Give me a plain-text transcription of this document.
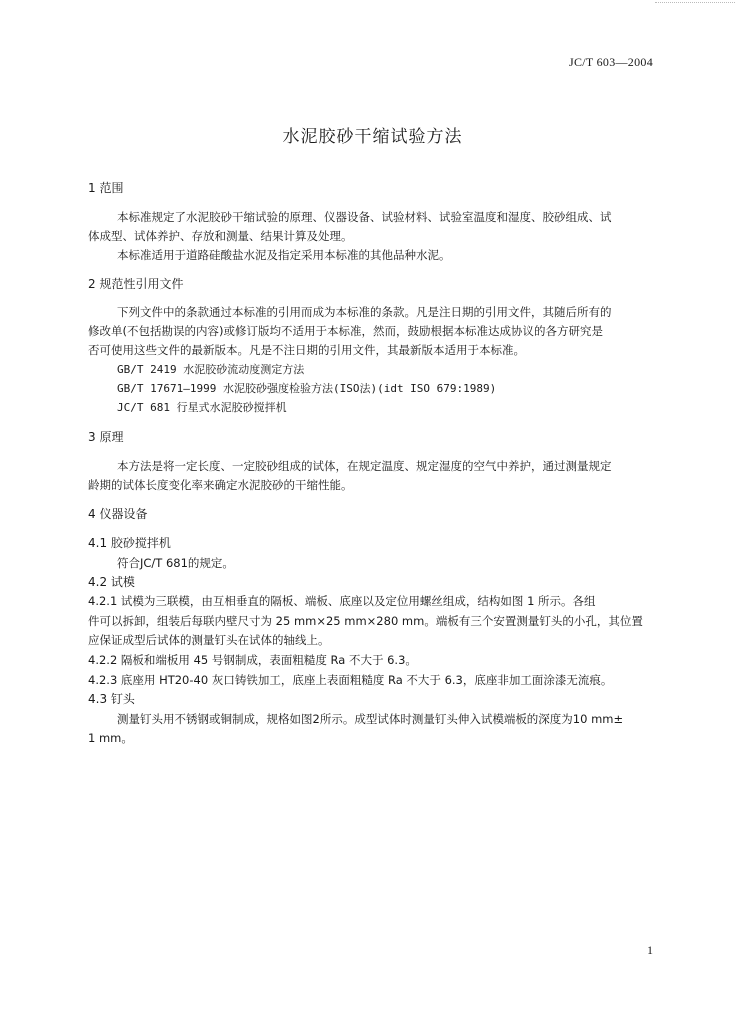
JC/T 603—2004
水泥胶砂干缩试验方法
1 范围
本标准规定了水泥胶砂干缩试验的原理、仪器设备、试验材料、试验室温度和湿度、胶砂组成、试
体成型、试体养护、存放和测量、结果计算及处理。
本标准适用于道路硅酸盐水泥及指定采用本标准的其他品种水泥。
2 规范性引用文件
下列文件中的条款通过本标准的引用而成为本标准的条款。凡是注日期的引用文件，其随后所有的
修改单(不包括勘误的内容)或修订版均不适用于本标准，然而，鼓励根据本标准达成协议的各方研究是
否可使用这些文件的最新版本。凡是不注日期的引用文件，其最新版本适用于本标准。
GB/T 2419 水泥胶砂流动度测定方法
GB/T 17671—1999 水泥胶砂强度检验方法(ISO法)(idt ISO 679:1989)
JC/T 681 行星式水泥胶砂搅拌机
3 原理
本方法是将一定长度、一定胶砂组成的试体，在规定温度、规定湿度的空气中养护，通过测量规定
龄期的试体长度变化率来确定水泥胶砂的干缩性能。
4 仪器设备
4.1 胶砂搅拌机
符合JC/T 681的规定。
4.2 试模
4.2.1 试模为三联模，由互相垂直的隔板、端板、底座以及定位用螺丝组成，结构如图 1 所示。各组
件可以拆卸，组装后每联内壁尺寸为 25 mm×25 mm×280 mm。端板有三个安置测量钉头的小孔，其位置
应保证成型后试体的测量钉头在试体的轴线上。
4.2.2 隔板和端板用 45 号钢制成，表面粗糙度 Ra 不大于 6.3。
4.2.3 底座用 HT20-40 灰口铸铁加工，底座上表面粗糙度 Ra 不大于 6.3，底座非加工面涂漆无流痕。
4.3 钉头
测量钉头用不锈钢或铜制成，规格如图2所示。成型试体时测量钉头伸入试模端板的深度为10 mm±
1 mm。
1
